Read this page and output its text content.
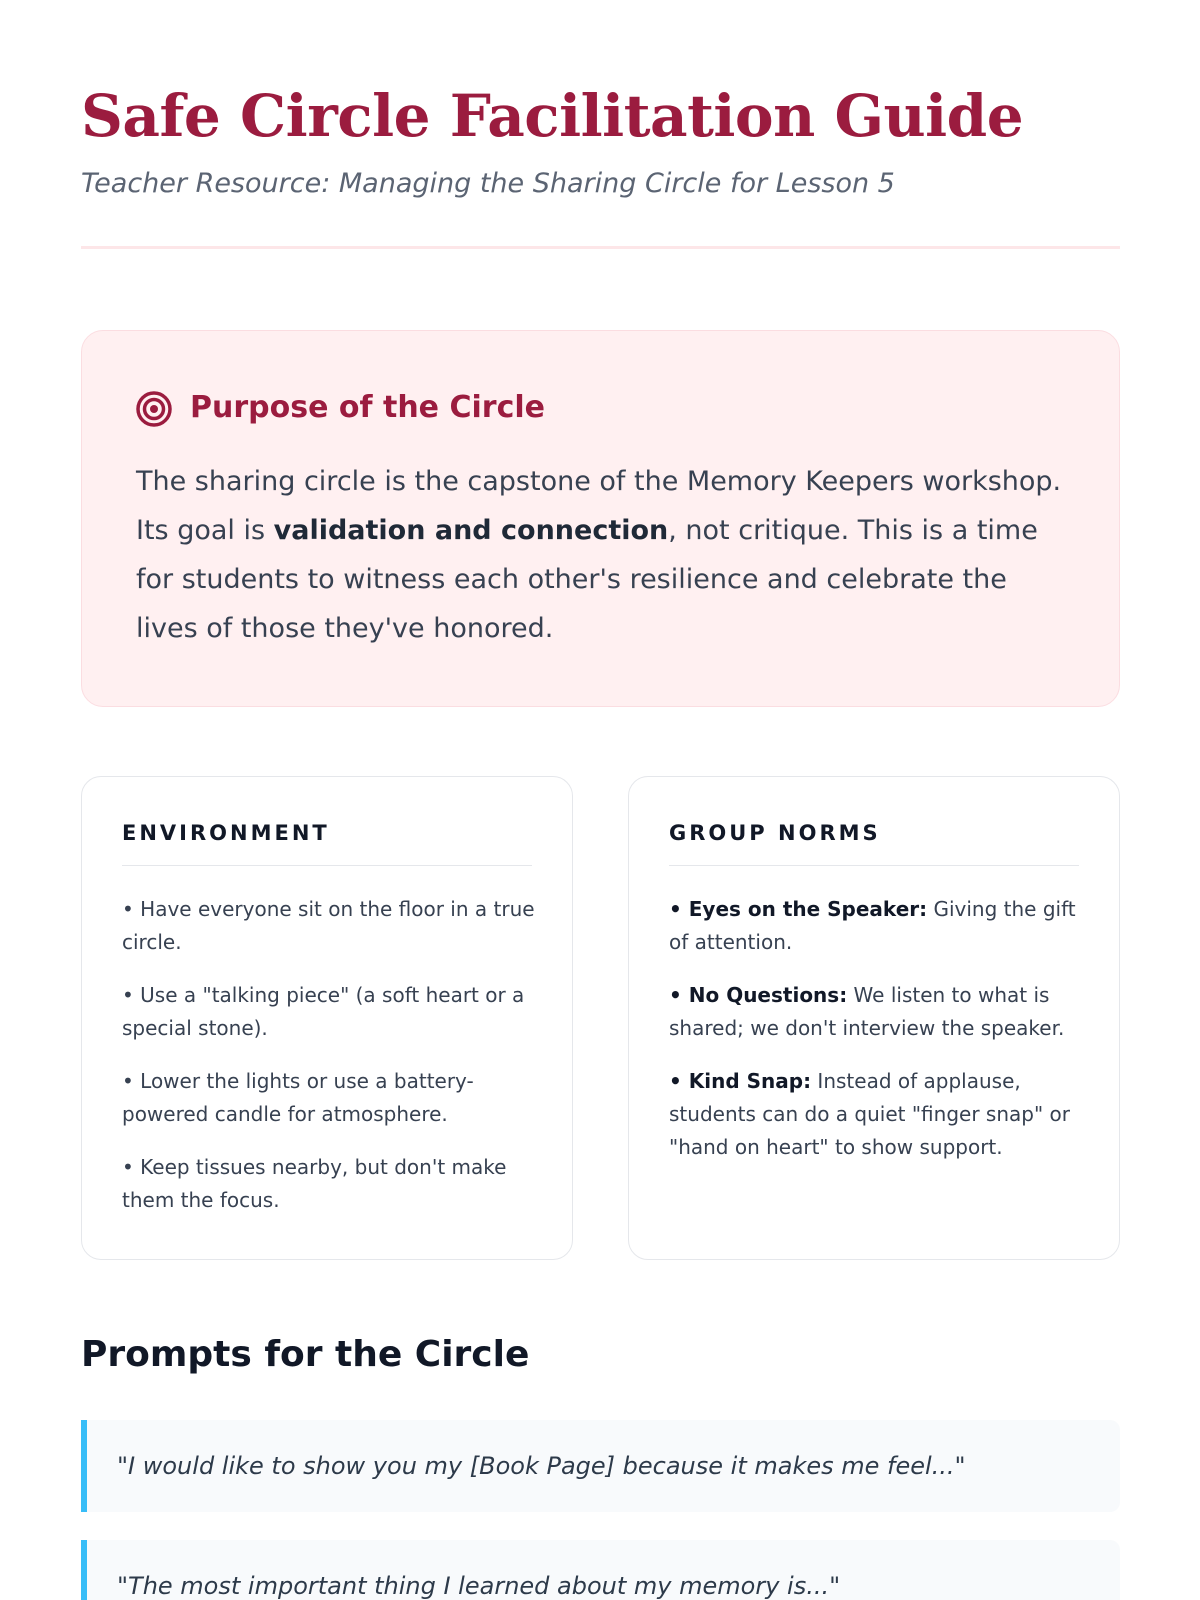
Safe Circle Facilitation Guide
Teacher Resource: Managing the Sharing Circle for Lesson 5
Purpose of the Circle

The sharing circle is the capstone of the Memory Keepers workshop. Its goal is validation and connection, not critique. This is a time for students to witness each other's resilience and celebrate the lives of those they've honored.

ENVIRONMENT
• Have everyone sit on the floor in a true circle.
• Use a "talking piece" (a soft heart or a special stone).
• Lower the lights or use a battery-powered candle for atmosphere.
• Keep tissues nearby, but don't make them the focus.
GROUP NORMS
• Eyes on the Speaker: Giving the gift of attention.
• No Questions: We listen to what is shared; we don't interview the speaker.
• Kind Snap: Instead of applause, students can do a quiet "finger snap" or "hand on heart" to show support.
Prompts for the Circle
"I would like to show you my [Book Page] because it makes me feel..."
"The most important thing I learned about my memory is..."
